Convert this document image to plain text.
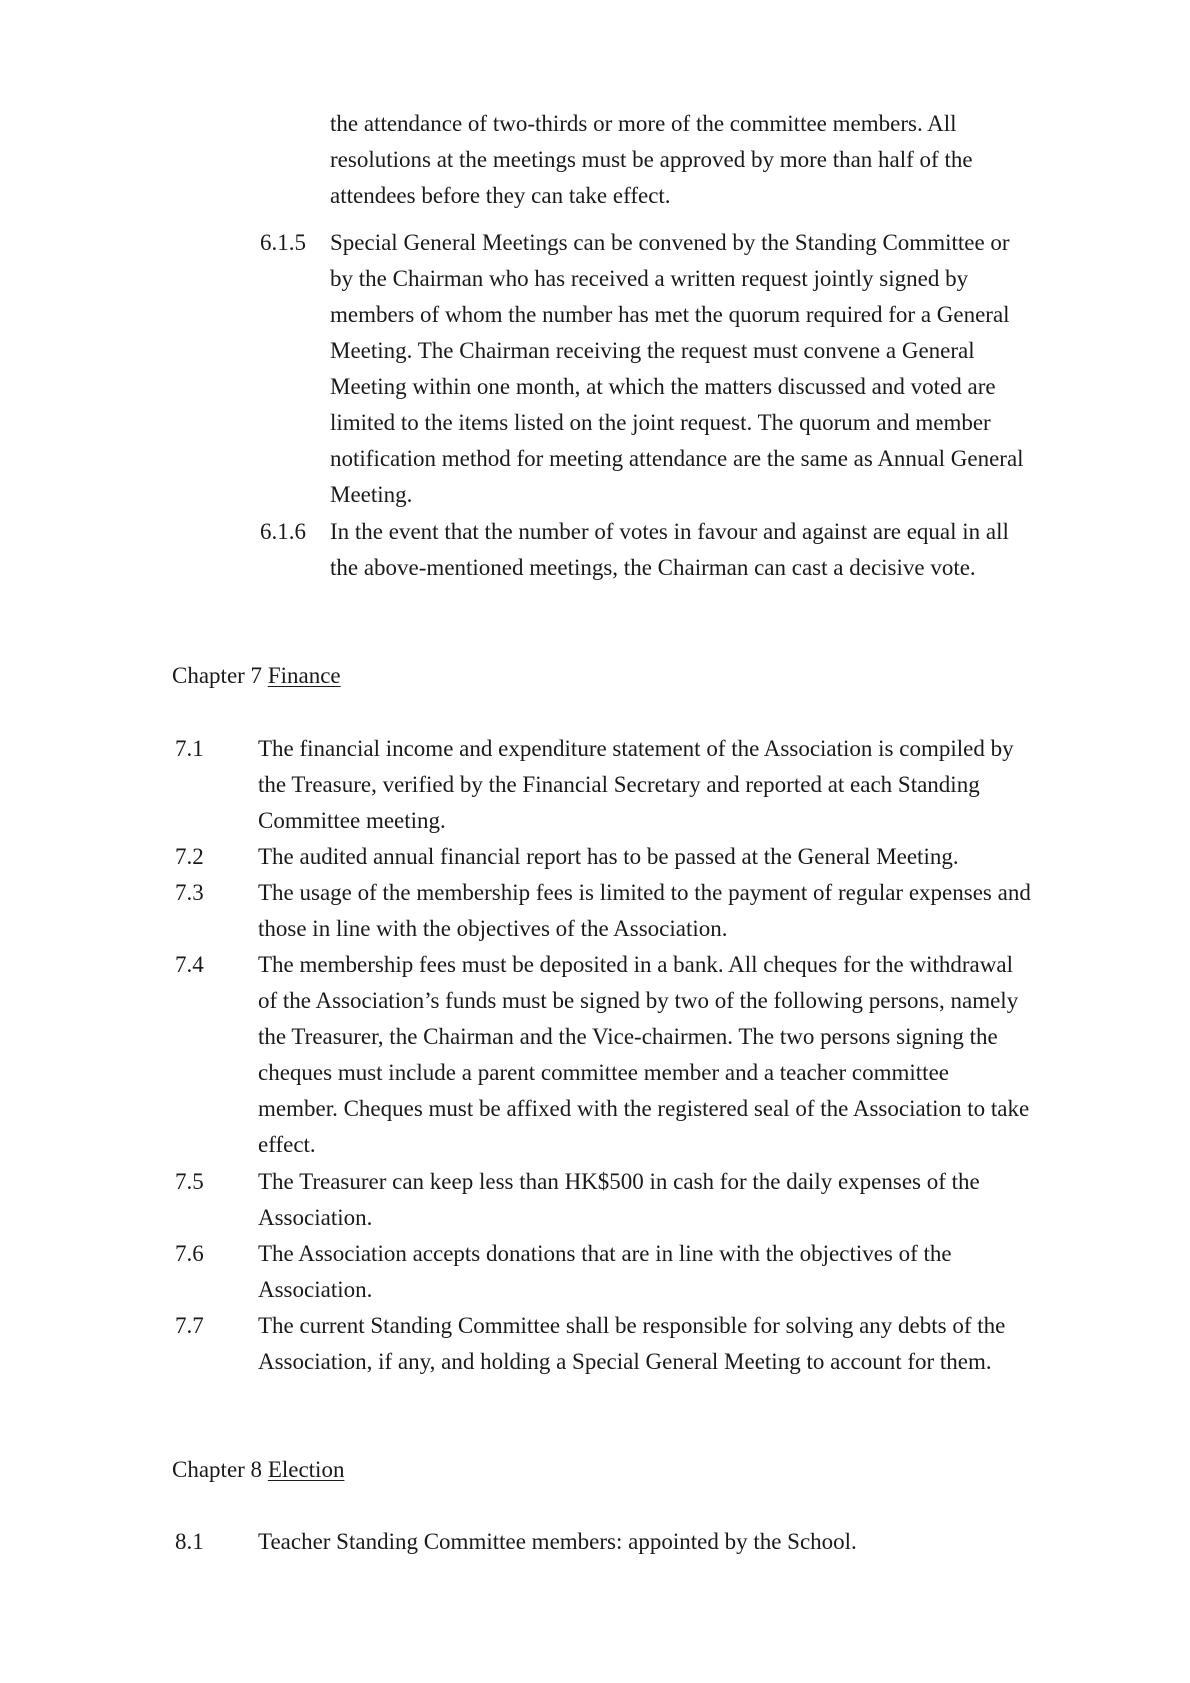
the attendance of two-thirds or more of the committee members. All resolutions at the meetings must be approved by more than half of the attendees before they can take effect.
6.1.5 Special General Meetings can be convened by the Standing Committee or by the Chairman who has received a written request jointly signed by members of whom the number has met the quorum required for a General Meeting. The Chairman receiving the request must convene a General Meeting within one month, at which the matters discussed and voted are limited to the items listed on the joint request. The quorum and member notification method for meeting attendance are the same as Annual General Meeting.
6.1.6 In the event that the number of votes in favour and against are equal in all the above-mentioned meetings, the Chairman can cast a decisive vote.
Chapter 7 Finance
7.1 The financial income and expenditure statement of the Association is compiled by the Treasure, verified by the Financial Secretary and reported at each Standing Committee meeting.
7.2 The audited annual financial report has to be passed at the General Meeting.
7.3 The usage of the membership fees is limited to the payment of regular expenses and those in line with the objectives of the Association.
7.4 The membership fees must be deposited in a bank. All cheques for the withdrawal of the Association’s funds must be signed by two of the following persons, namely the Treasurer, the Chairman and the Vice-chairmen. The two persons signing the cheques must include a parent committee member and a teacher committee member. Cheques must be affixed with the registered seal of the Association to take effect.
7.5 The Treasurer can keep less than HK$500 in cash for the daily expenses of the Association.
7.6 The Association accepts donations that are in line with the objectives of the Association.
7.7 The current Standing Committee shall be responsible for solving any debts of the Association, if any, and holding a Special General Meeting to account for them.
Chapter 8 Election
8.1 Teacher Standing Committee members: appointed by the School.
